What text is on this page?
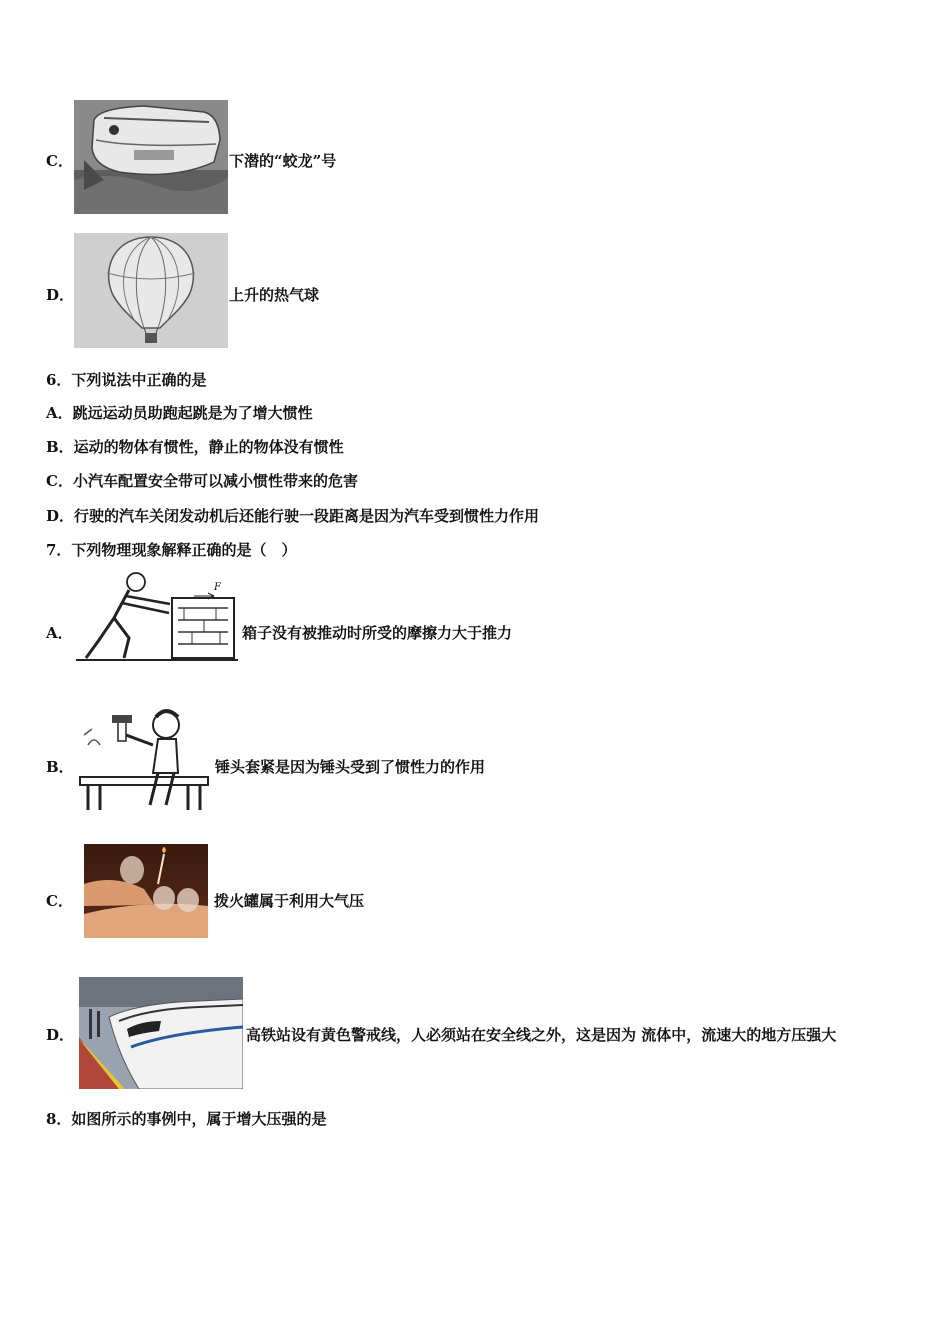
C．	下潜的“蛟龙”号
D．	上升的热气球
6．下列说法中正确的是
A．跳远运动员助跑起跳是为了增大惯性
B．运动的物体有惯性，静止的物体没有惯性
C．小汽车配置安全带可以减小惯性带来的危害
D．行驶的汽车关闭发动机后还能行驶一段距离是因为汽车受到惯性力作用
7．下列物理现象解释正确的是（　）
A．
F
箱子没有被推动时所受的摩擦力大于推力
B．	锤头套紧是因为锤头受到了惯性力的作用
C．	拨火罐属于利用大气压
D．	高铁站设有黄色警戒线，人必须站在安全线之外，这是因为 流体中，流速大的地方压强大
8．如图所示的事例中，属于增大压强的是
